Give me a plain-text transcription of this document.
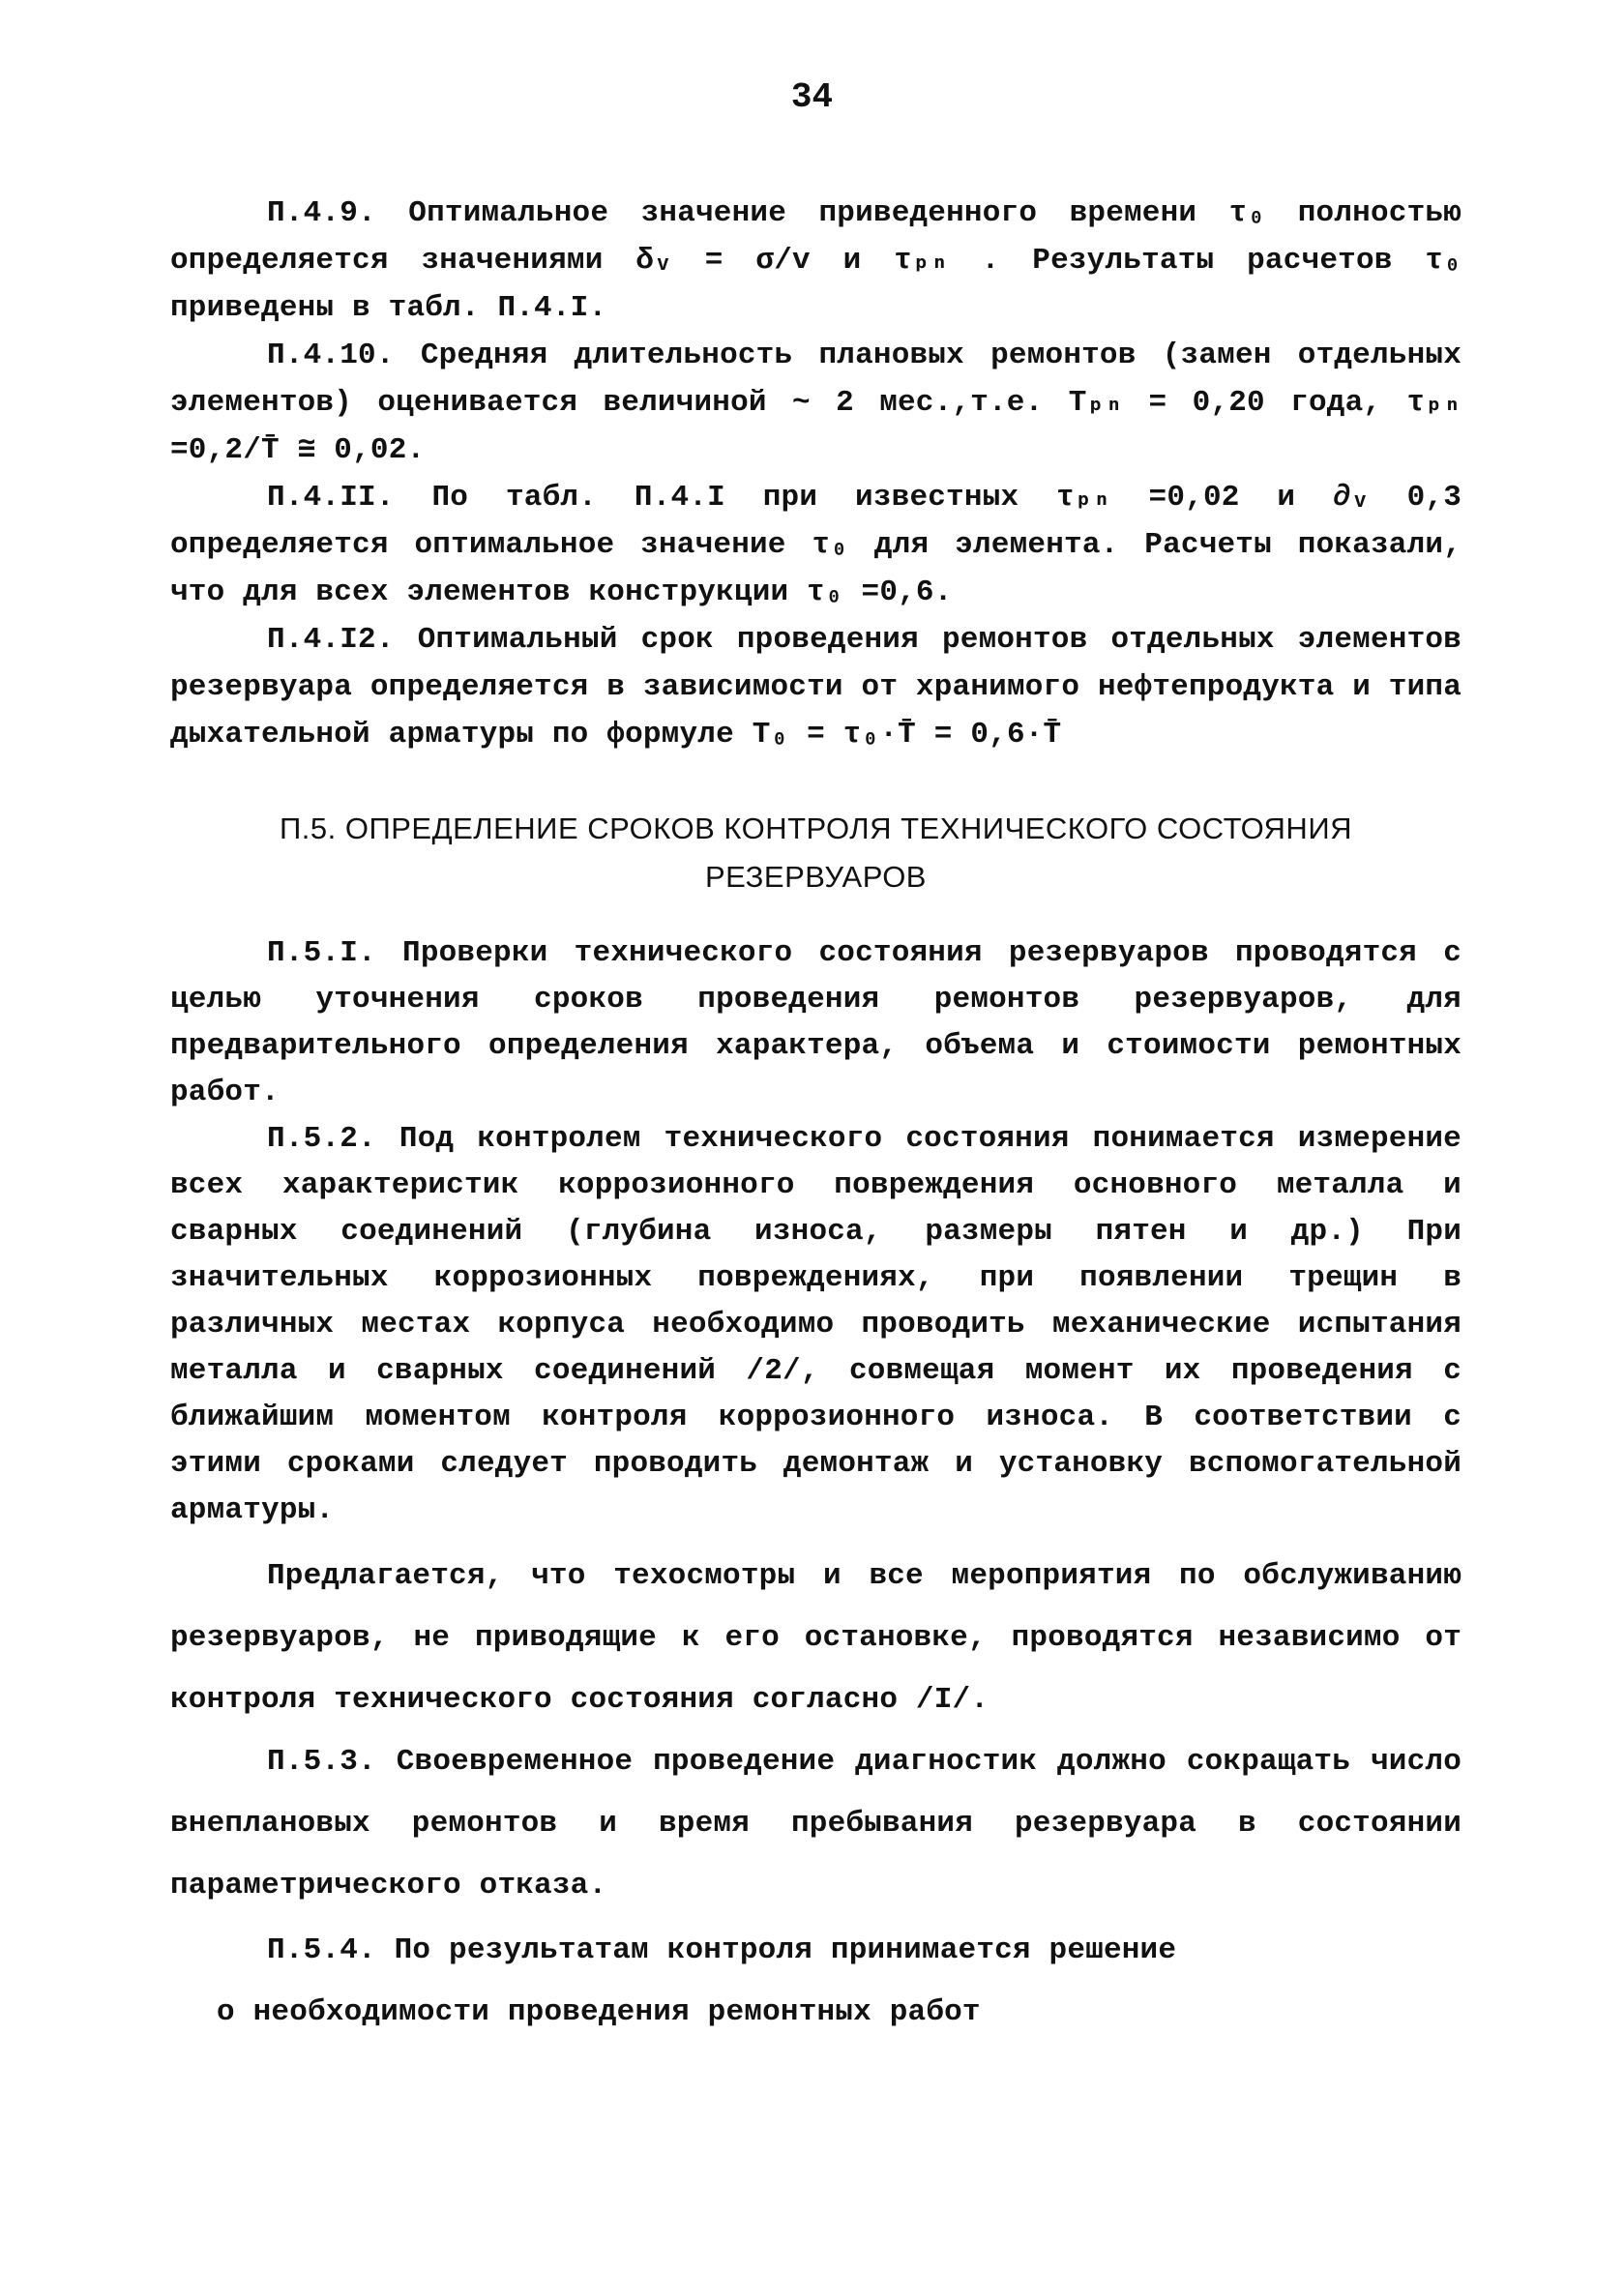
34

П.4.9. Оптимальное значение приведенного времени τ₀ полностью определяется значениями δᵥ = σ/v и τₚₙ . Результаты расчетов τ₀ приведены в табл. П.4.I.

П.4.10. Средняя длительность плановых ремонтов (замен отдельных элементов) оценивается величиной ~ 2 мес.,т.е. Tₚₙ = 0,20 года, τₚₙ =0,2/T̄ ≅ 0,02.

П.4.II. По табл. П.4.I при известных τₚₙ =0,02 и ∂ᵥ 0,3 определяется оптимальное значение τ₀ для элемента. Расчеты показали, что для всех элементов конструкции τ₀ =0,6.

П.4.I2. Оптимальный срок проведения ремонтов отдельных элементов резервуара определяется в зависимости от хранимого нефтепродукта и типа дыхательной арматуры по формуле T₀ = τ₀·T̄ = 0,6·T̄

П.5. ОПРЕДЕЛЕНИЕ СРОКОВ КОНТРОЛЯ ТЕХНИЧЕСКОГО СОСТОЯНИЯ
РЕЗЕРВУАРОВ

П.5.I. Проверки технического состояния резервуаров проводятся с целью уточнения сроков проведения ремонтов резервуаров, для предварительного определения характера, объема и стоимости ремонтных работ.

П.5.2. Под контролем технического состояния понимается измерение всех характеристик коррозионного повреждения основного металла и сварных соединений (глубина износа, размеры пятен и др.) При значительных коррозионных повреждениях, при появлении трещин в различных местах корпуса необходимо проводить механические испытания металла и сварных соединений /2/, совмещая момент их проведения с ближайшим моментом контроля коррозионного износа. В соответствии с этими сроками следует проводить демонтаж и установку вспомогательной арматуры.

Предлагается, что техосмотры и все мероприятия по обслуживанию резервуаров, не приводящие к его остановке, проводятся независимо от контроля технического состояния согласно /I/.

П.5.3. Своевременное проведение диагностик должно сокращать число внеплановых ремонтов и время пребывания резервуара в состоянии параметрического отказа.

П.5.4. По результатам контроля принимается решение

о необходимости проведения ремонтных работ
